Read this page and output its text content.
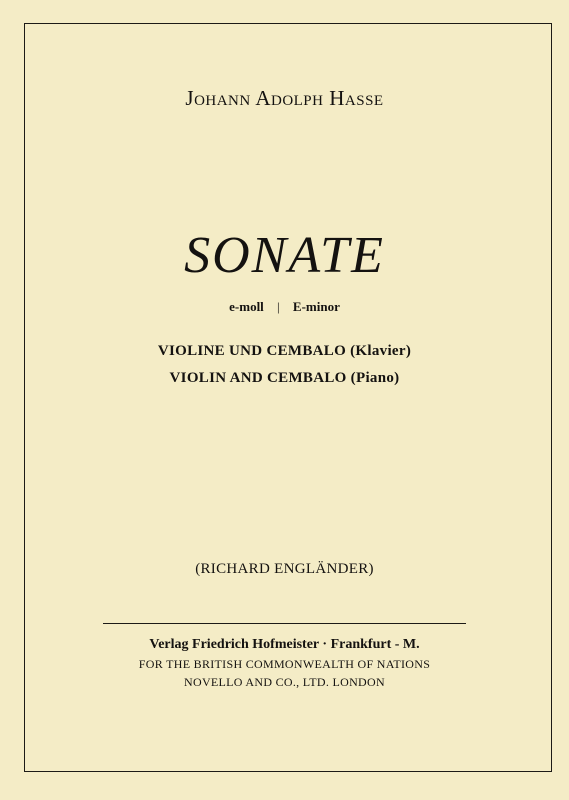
Johann Adolph Hasse
SONATE
e-moll | E-minor
VIOLINE UND CEMBALO (Klavier)
VIOLIN AND CEMBALO (Piano)
(RICHARD ENGLÄNDER)
Verlag Friedrich Hofmeister · Frankfurt - M.
FOR THE BRITISH COMMONWEALTH OF NATIONS
NOVELLO AND CO., LTD. LONDON
